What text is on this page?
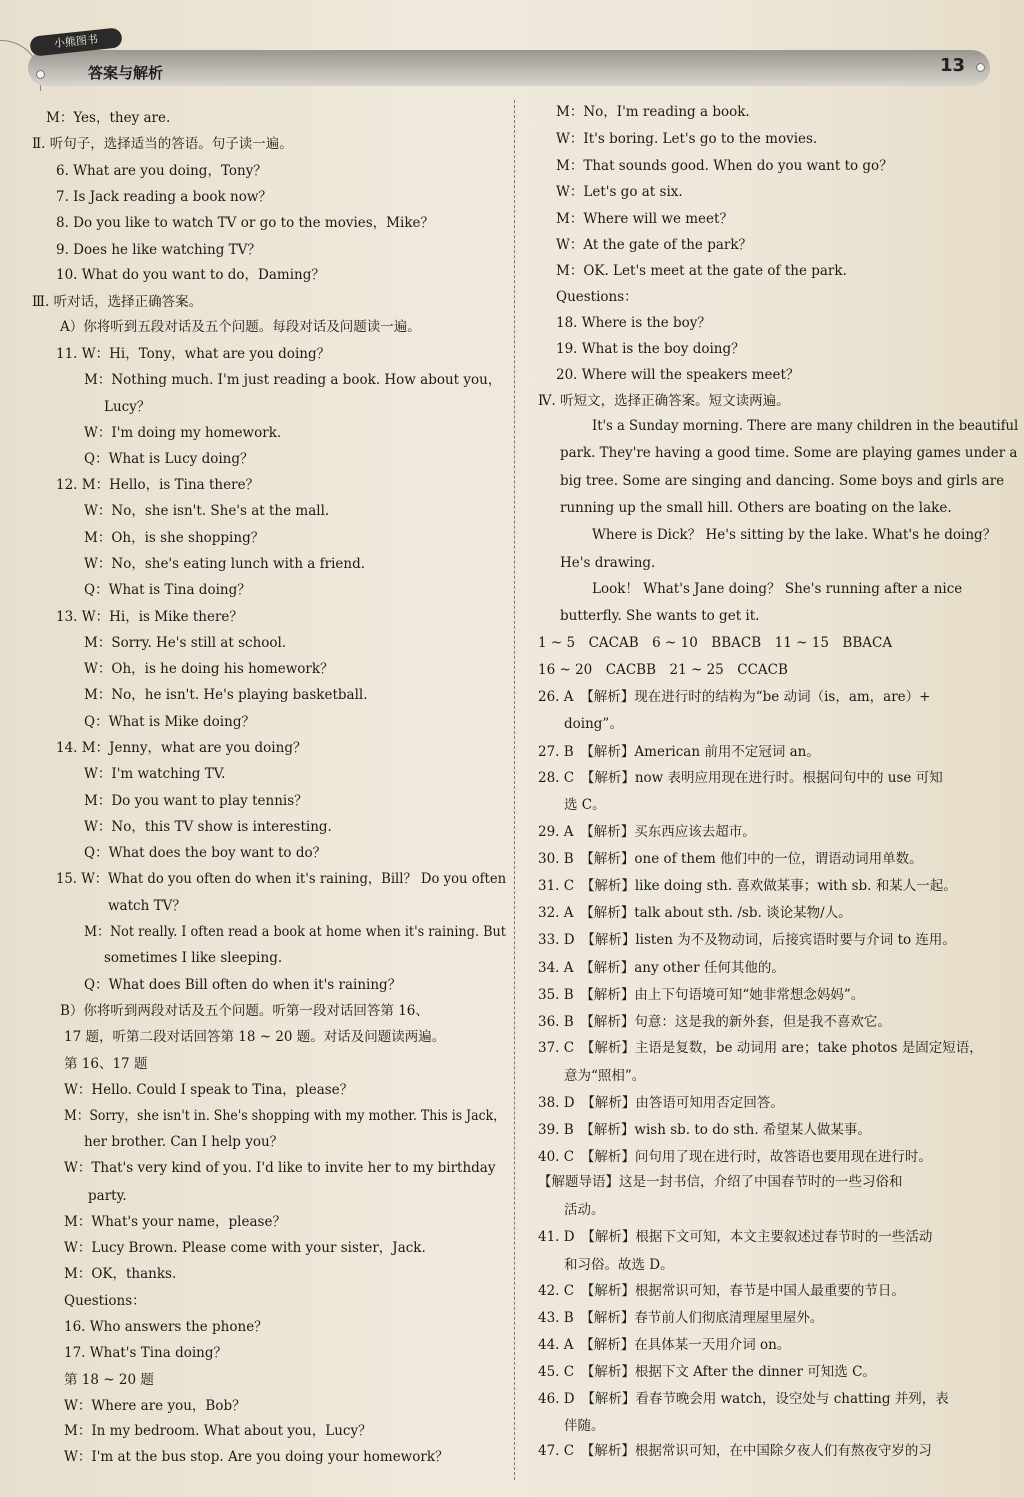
小熊图书
答案与解析	13
M：Yes，they are.
Ⅱ. 听句子，选择适当的答语。句子读一遍。
6. What are you doing，Tony？
7. Is Jack reading a book now？
8. Do you like to watch TV or go to the movies，Mike？
9. Does he like watching TV？
10. What do you want to do，Daming？
Ⅲ. 听对话，选择正确答案。
A）你将听到五段对话及五个问题。每段对话及问题读一遍。
11. W：Hi，Tony，what are you doing？
M：Nothing much. I'm just reading a book. How about you，
Lucy？
W：I'm doing my homework.
Q：What is Lucy doing？
12. M：Hello，is Tina there？
W：No，she isn't. She's at the mall.
M：Oh，is she shopping？
W：No，she's eating lunch with a friend.
Q：What is Tina doing？
13. W：Hi，is Mike there？
M：Sorry. He's still at school.
W：Oh，is he doing his homework？
M：No，he isn't. He's playing basketball.
Q：What is Mike doing？
14. M：Jenny，what are you doing？
W：I'm watching TV.
M：Do you want to play tennis？
W：No，this TV show is interesting.
Q：What does the boy want to do？
15. W：What do you often do when it's raining，Bill？ Do you often
watch TV？
M：Not really. I often read a book at home when it's raining. But
sometimes I like sleeping.
Q：What does Bill often do when it's raining？
B）你将听到两段对话及五个问题。听第一段对话回答第 16、
17 题，听第二段对话回答第 18 ~ 20 题。对话及问题读两遍。
第 16、17 题
W：Hello. Could I speak to Tina，please？
M：Sorry，she isn't in. She's shopping with my mother. This is Jack，
her brother. Can I help you？
W：That's very kind of you. I'd like to invite her to my birthday
party.
M：What's your name，please？
W：Lucy Brown. Please come with your sister，Jack.
M：OK，thanks.
Questions：
16. Who answers the phone？
17. What's Tina doing？
第 18 ~ 20 题
W：Where are you，Bob？
M：In my bedroom. What about you，Lucy？
W：I'm at the bus stop. Are you doing your homework？
M：No，I'm reading a book.
W：It's boring. Let's go to the movies.
M：That sounds good. When do you want to go？
W：Let's go at six.
M：Where will we meet？
W：At the gate of the park？
M：OK. Let's meet at the gate of the park.
Questions：
18. Where is the boy？
19. What is the boy doing？
20. Where will the speakers meet？
Ⅳ. 听短文，选择正确答案。短文读两遍。
It's a Sunday morning. There are many children in the beautiful
park. They're having a good time. Some are playing games under a
big tree. Some are singing and dancing. Some boys and girls are
running up the small hill. Others are boating on the lake.
Where is Dick？ He's sitting by the lake. What's he doing？
He's drawing.
Look！ What's Jane doing？ She's running after a nice
butterfly. She wants to get it.
1 ~ 5　CACAB　6 ~ 10　BBACB　11 ~ 15　BBACA
16 ~ 20　CACBB　21 ~ 25　CCACB
26. A　【解析】现在进行时的结构为“be 动词（is，am，are）+
doing”。
27. B　【解析】American 前用不定冠词 an。
28. C　【解析】now 表明应用现在进行时。根据问句中的 use 可知
选 C。
29. A　【解析】买东西应该去超市。
30. B　【解析】one of them 他们中的一位，谓语动词用单数。
31. C　【解析】like doing sth. 喜欢做某事；with sb. 和某人一起。
32. A　【解析】talk about sth. /sb. 谈论某物/人。
33. D　【解析】listen 为不及物动词，后接宾语时要与介词 to 连用。
34. A　【解析】any other 任何其他的。
35. B　【解析】由上下句语境可知“她非常想念妈妈”。
36. B　【解析】句意：这是我的新外套，但是我不喜欢它。
37. C　【解析】主语是复数，be 动词用 are；take photos 是固定短语，
意为“照相”。
38. D　【解析】由答语可知用否定回答。
39. B　【解析】wish sb. to do sth. 希望某人做某事。
40. C　【解析】问句用了现在进行时，故答语也要用现在进行时。
【解题导语】这是一封书信，介绍了中国春节时的一些习俗和
活动。
41. D　【解析】根据下文可知，本文主要叙述过春节时的一些活动
和习俗。故选 D。
42. C　【解析】根据常识可知，春节是中国人最重要的节日。
43. B　【解析】春节前人们彻底清理屋里屋外。
44. A　【解析】在具体某一天用介词 on。
45. C　【解析】根据下文 After the dinner 可知选 C。
46. D　【解析】看春节晚会用 watch，设空处与 chatting 并列，表
伴随。
47. C　【解析】根据常识可知，在中国除夕夜人们有熬夜守岁的习
